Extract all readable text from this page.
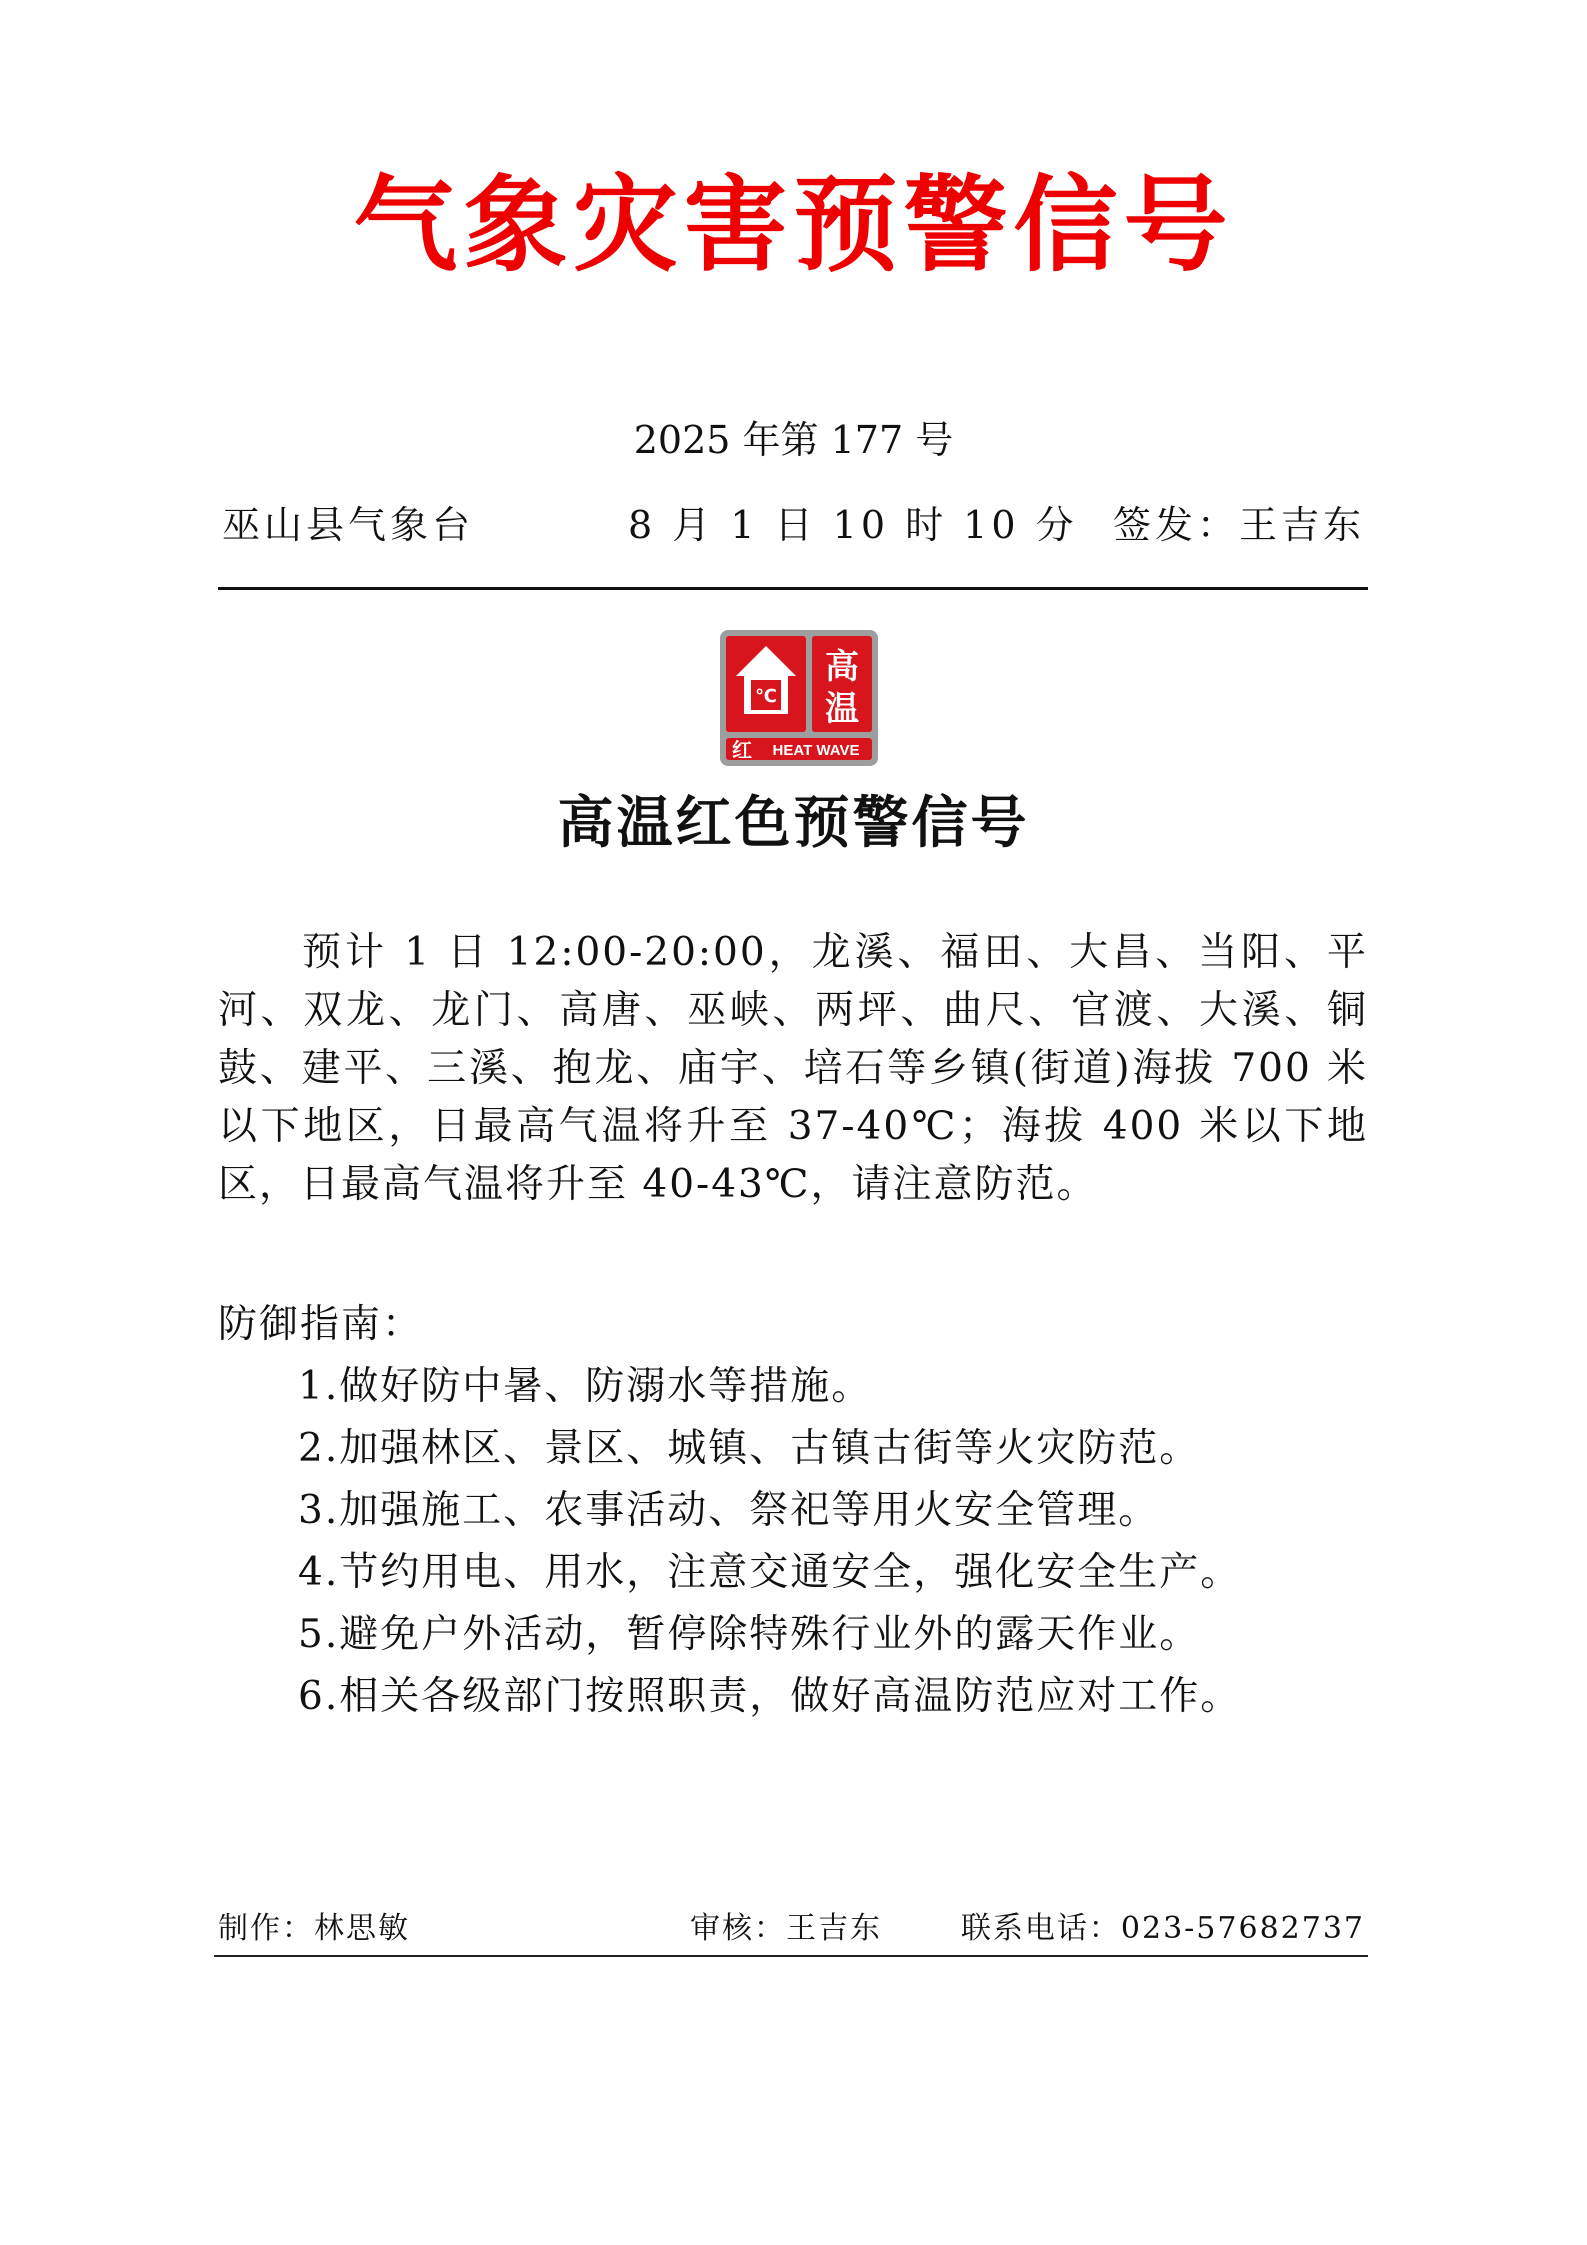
气象灾害预警信号
2025 年第 177 号
巫山县气象台	8 月 1 日 10 时 10 分 签发：王吉东
℃
高
温
红 HEAT WAVE
高温红色预警信号

预计 1 日 12:00-20:00，龙溪、福田、大昌、当阳、平河、双龙、龙门、高唐、巫峡、两坪、曲尺、官渡、大溪、铜鼓、建平、三溪、抱龙、庙宇、培石等乡镇(街道)海拔 700 米以下地区，日最高气温将升至 37-40℃；海拔 400 米以下地区，日最高气温将升至 40-43℃，请注意防范。

防御指南：
1.做好防中暑、防溺水等措施。
2.加强林区、景区、城镇、古镇古街等火灾防范。
3.加强施工、农事活动、祭祀等用火安全管理。
4.节约用电、用水，注意交通安全，强化安全生产。
5.避免户外活动，暂停除特殊行业外的露天作业。
6.相关各级部门按照职责，做好高温防范应对工作。
制作：林思敏	审核：王吉东	联系电话：023-57682737
